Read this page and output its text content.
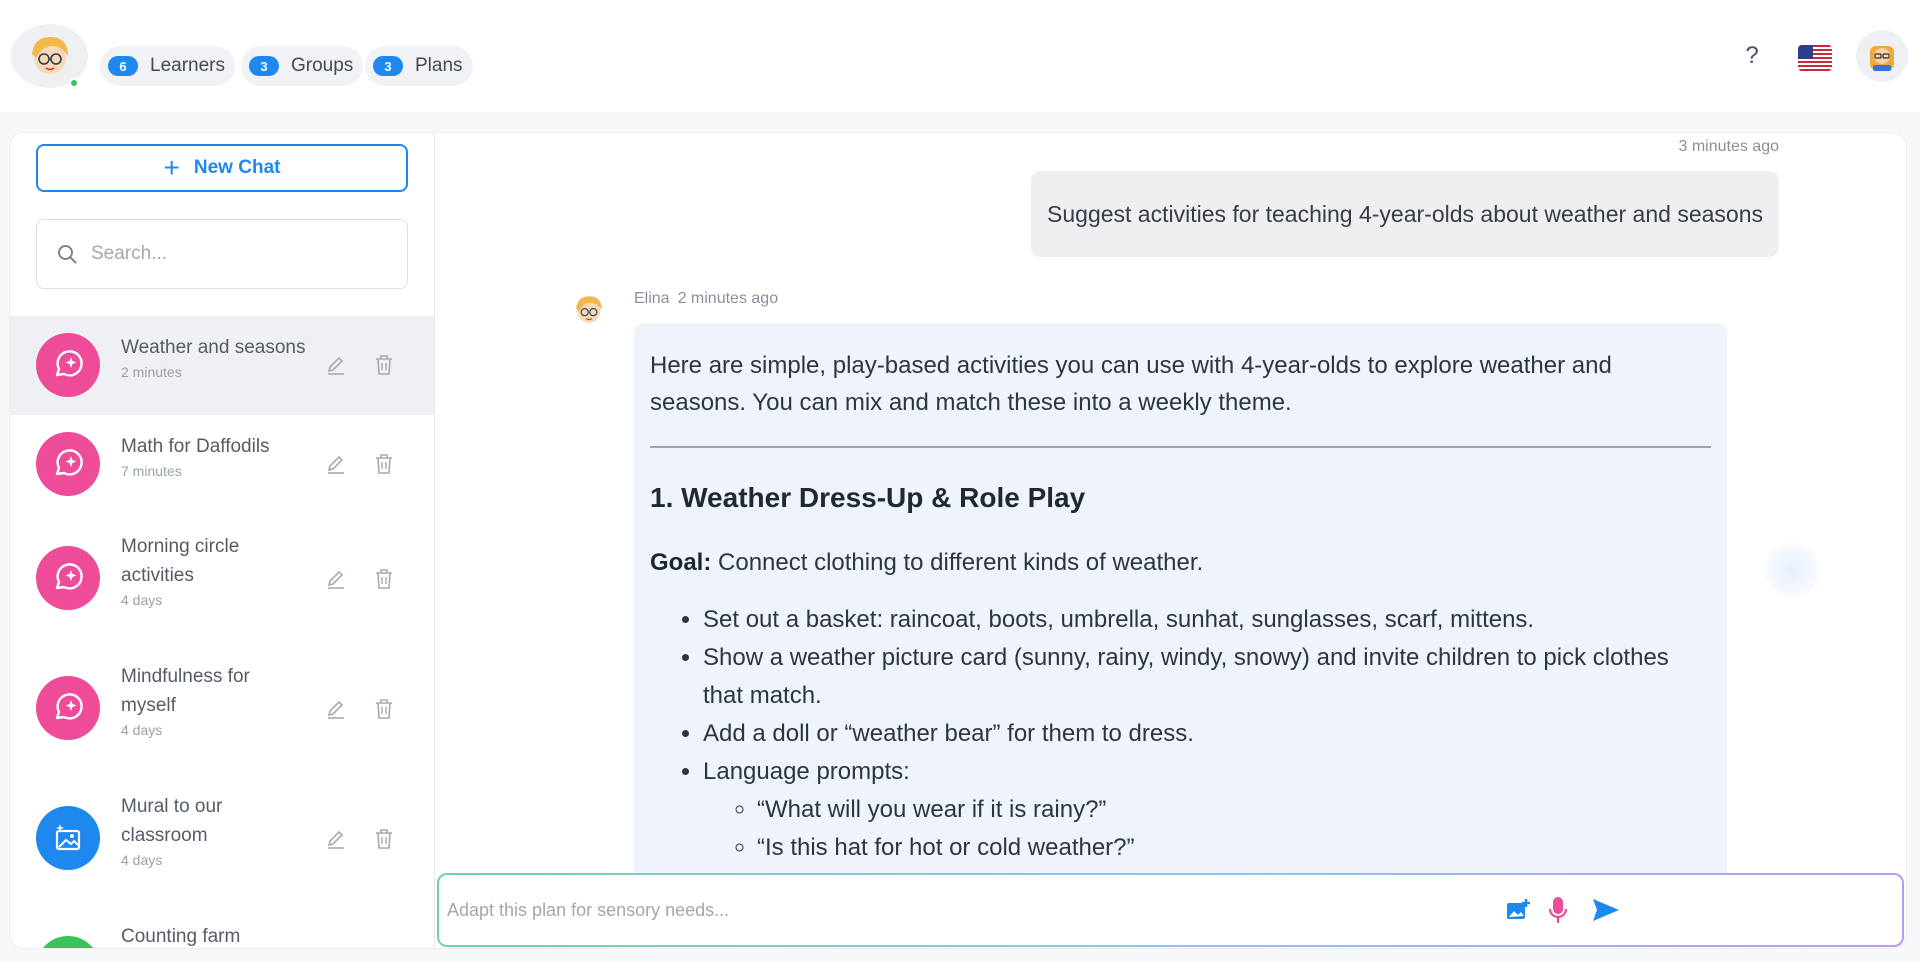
6	Learners	3	Groups	3	Plans	?
+ New Chat
Search...
Weather and seasons
2 minutes
Math for Daffodils
7 minutes
Morning circle activities
4 days
Mindfulness for myself
4 days
Mural to our classroom
4 days
Counting farm
3 minutes ago
Suggest activities for teaching 4-year-olds about weather and seasons
Elina 2 minutes ago

Here are simple, play-based activities you can use with 4-year-olds to explore weather and seasons. You can mix and match these into a weekly theme.

1. Weather Dress-Up & Role Play
Goal: Connect clothing to different kinds of weather.
• Set out a basket: raincoat, boots, umbrella, sunhat, sunglasses, scarf, mittens.
• Show a weather picture card (sunny, rainy, windy, snowy) and invite children to pick clothes that match.
• Add a doll or “weather bear” for them to dress.
• Language prompts:
◦ “What will you wear if it is rainy?”
◦ “Is this hat for hot or cold weather?”
Adapt this plan for sensory needs...
